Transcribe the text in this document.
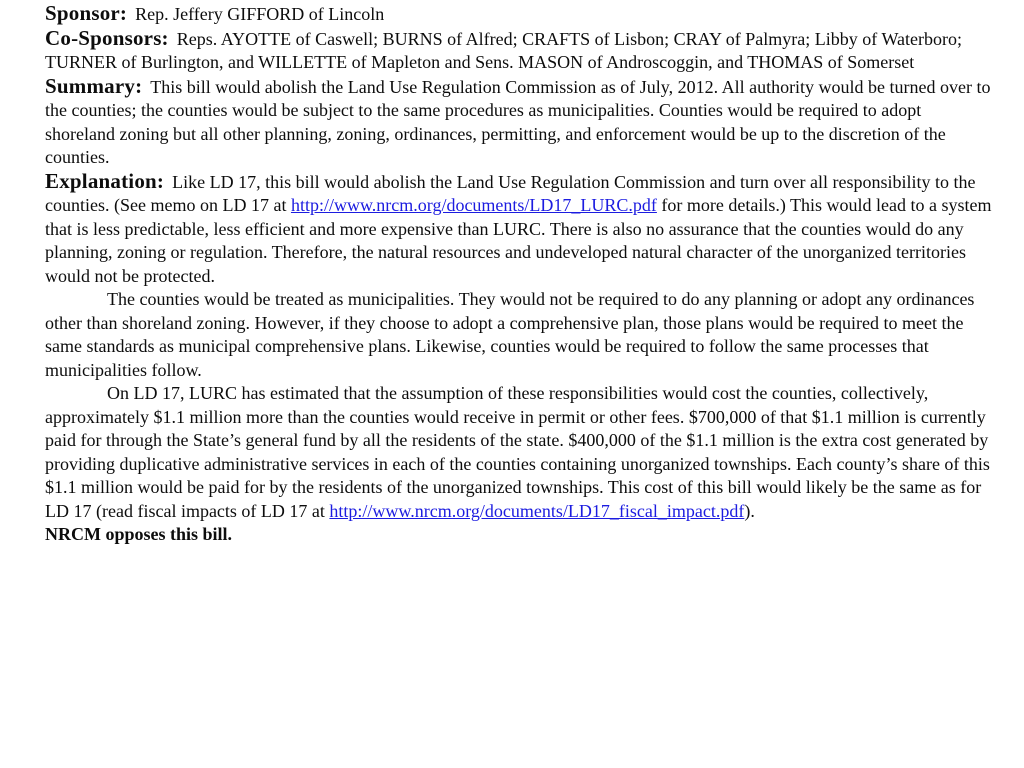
Sponsor: Rep. Jeffery GIFFORD of Lincoln

Co-Sponsors: Reps. AYOTTE of Caswell; BURNS of Alfred; CRAFTS of Lisbon; CRAY of Palmyra; Libby of Waterboro; TURNER of Burlington, and WILLETTE of Mapleton and Sens. MASON of Androscoggin, and THOMAS of Somerset

Summary: This bill would abolish the Land Use Regulation Commission as of July, 2012. All authority would be turned over to the counties; the counties would be subject to the same procedures as municipalities. Counties would be required to adopt shoreland zoning but all other planning, zoning, ordinances, permitting, and enforcement would be up to the discretion of the counties.

Explanation: Like LD 17, this bill would abolish the Land Use Regulation Commission and turn over all responsibility to the counties. (See memo on LD 17 at http://www.nrcm.org/documents/LD17_LURC.pdf for more details.) This would lead to a system that is less predictable, less efficient and more expensive than LURC. There is also no assurance that the counties would do any planning, zoning or regulation. Therefore, the natural resources and undeveloped natural character of the unorganized territories would not be protected.

The counties would be treated as municipalities. They would not be required to do any planning or adopt any ordinances other than shoreland zoning. However, if they choose to adopt a comprehensive plan, those plans would be required to meet the same standards as municipal comprehensive plans. Likewise, counties would be required to follow the same processes that municipalities follow.

On LD 17, LURC has estimated that the assumption of these responsibilities would cost the counties, collectively, approximately $1.1 million more than the counties would receive in permit or other fees. $700,000 of that $1.1 million is currently paid for through the State’s general fund by all the residents of the state. $400,000 of the $1.1 million is the extra cost generated by providing duplicative administrative services in each of the counties containing unorganized townships. Each county’s share of this $1.1 million would be paid for by the residents of the unorganized townships. This cost of this bill would likely be the same as for LD 17 (read fiscal impacts of LD 17 at http://www.nrcm.org/documents/LD17_fiscal_impact.pdf).

NRCM opposes this bill.
